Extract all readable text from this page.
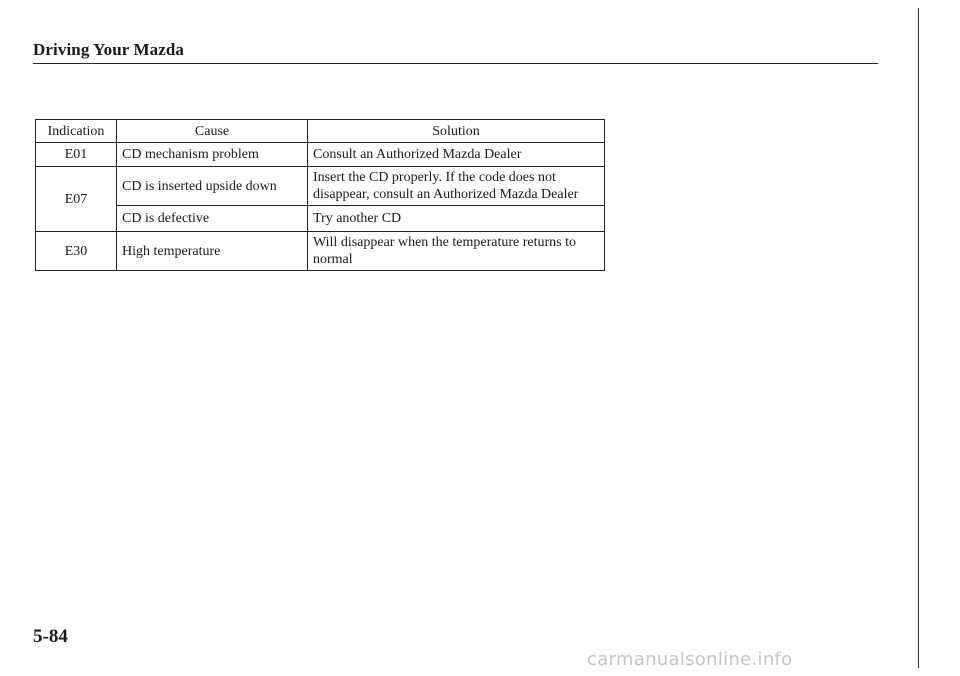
Driving Your Mazda
Indication	Cause	Solution
E01	CD mechanism problem	Consult an Authorized Mazda Dealer
E07	CD is inserted upside down	Insert the CD properly. If the code does not disappear, consult an Authorized Mazda Dealer
	CD is defective	Try another CD
E30	High temperature	Will disappear when the temperature returns to normal
5-84
carmanualsonline.info
